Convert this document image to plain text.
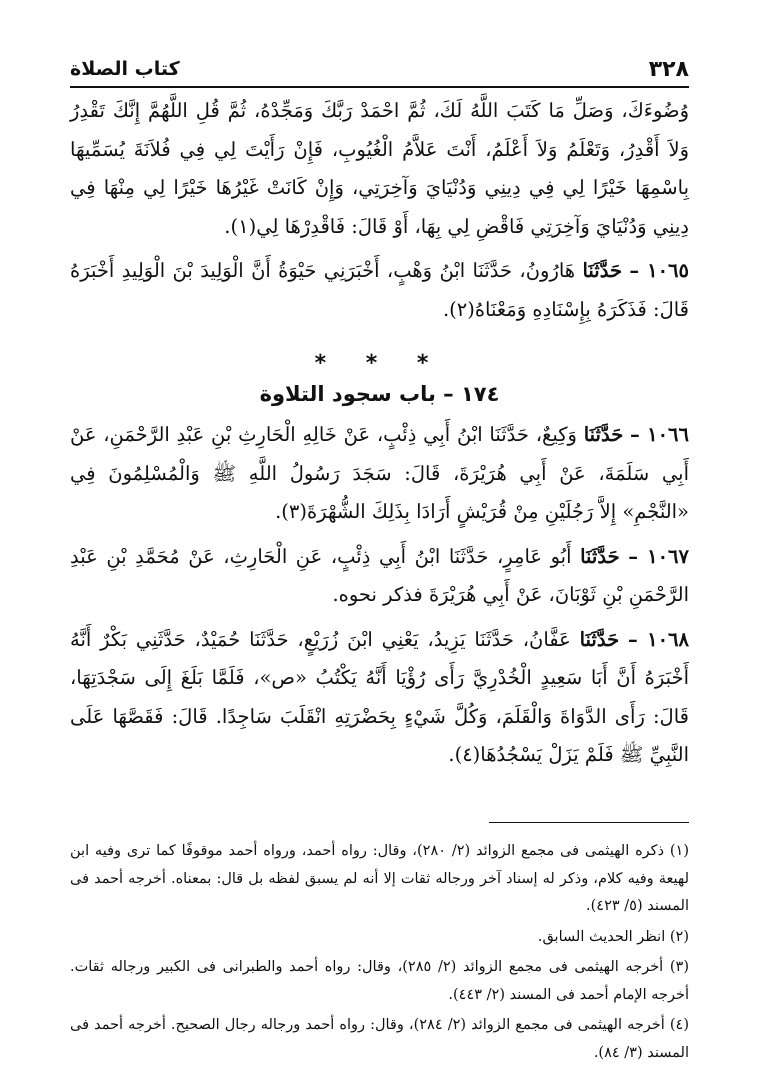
٣٢٨
كتاب الصلاة

وُضُوءَكَ، وَصَلِّ مَا كَتَبَ اللَّهُ لَكَ، ثُمَّ احْمَدْ رَبَّكَ وَمَجِّدْهُ، ثُمَّ قُلِ اللَّهُمَّ إِنَّكَ تَقْدِرُ وَلاَ أَقْدِرُ، وَتَعْلَمُ وَلاَ أَعْلَمُ، أَنْتَ عَلاَّمُ الْغُيُوبِ، فَإِنْ رَأَيْتَ لِي فِي فُلاَنَةَ يُسَمِّيهَا بِاسْمِهَا خَيْرًا لِي فِي دِينِي وَدُنْيَايَ وَآخِرَتِي، وَإِنْ كَانَتْ غَيْرُهَا خَيْرًا لِي مِنْهَا فِي دِينِي وَدُنْيَايَ وَآخِرَتِي فَاقْضِ لِي بِهَا، أَوْ قَالَ: فَاقْدِرْهَا لِي(١).

١٠٦٥ – حَدَّثَنَا هَارُونُ، حَدَّثَنَا ابْنُ وَهْبٍ، أَخْبَرَنِي حَيْوَةُ أَنَّ الْوَلِيدَ بْنَ الْوَلِيدِ أَخْبَرَهُ قَالَ: فَذَكَرَهُ بِإِسْنَادِهِ وَمَعْنَاهُ(٢).

* * *
١٧٤ – باب سجود التلاوة

١٠٦٦ – حَدَّثَنَا وَكِيعٌ، حَدَّثَنَا ابْنُ أَبِي ذِئْبٍ، عَنْ خَالِهِ الْحَارِثِ بْنِ عَبْدِ الرَّحْمَنِ، عَنْ أَبِي سَلَمَةَ، عَنْ أَبِي هُرَيْرَةَ، قَالَ: سَجَدَ رَسُولُ اللَّهِ ﷺ وَالْمُسْلِمُونَ فِي «النَّجْمِ» إِلاَّ رَجُلَيْنِ مِنْ قُرَيْشٍ أَرَادَا بِذَلِكَ الشُّهْرَةَ(٣).

١٠٦٧ – حَدَّثَنَا أَبُو عَامِرٍ، حَدَّثَنَا ابْنُ أَبِي ذِئْبٍ، عَنِ الْحَارِثِ، عَنْ مُحَمَّدِ بْنِ عَبْدِ الرَّحْمَنِ بْنِ ثَوْبَانَ، عَنْ أَبِي هُرَيْرَةَ فذكر نحوه.

١٠٦٨ – حَدَّثَنَا عَفَّانُ، حَدَّثَنَا يَزِيدُ، يَعْنِي ابْنَ زُرَيْعٍ، حَدَّثَنَا حُمَيْدٌ، حَدَّثَنِي بَكْرٌ أَنَّهُ أَخْبَرَهُ أَنَّ أَبَا سَعِيدٍ الْخُدْرِيَّ رَأَى رُؤْيَا أَنَّهُ يَكْتُبُ «ص»، فَلَمَّا بَلَغَ إِلَى سَجْدَتِهَا، قَالَ: رَأَى الدَّوَاةَ وَالْقَلَمَ، وَكُلَّ شَيْءٍ بِحَضْرَتِهِ انْقَلَبَ سَاجِدًا. قَالَ: فَقَصَّهَا عَلَى النَّبِيِّ ﷺ فَلَمْ يَزَلْ يَسْجُدُهَا(٤).

(١) ذكره الهيثمى فى مجمع الزوائد (٢/ ٢٨٠)، وقال: رواه أحمد، ورواه أحمد موقوفًا كما ترى وفيه ابن لهيعة وفيه كلام، وذكر له إسناد آخر ورجاله ثقات إلا أنه لم يسبق لفظه بل قال: بمعناه. أخرجه أحمد فى المسند (٥/ ٤٢٣).

(٢) انظر الحديث السابق.

(٣) أخرجه الهيثمى فى مجمع الزوائد (٢/ ٢٨٥)، وقال: رواه أحمد والطبرانى فى الكبير ورجاله ثقات. أخرجه الإمام أحمد فى المسند (٢/ ٤٤٣).

(٤) أخرجه الهيثمى فى مجمع الزوائد (٢/ ٢٨٤)، وقال: رواه أحمد ورجاله رجال الصحيح. أخرجه أحمد فى المسند (٣/ ٨٤).
